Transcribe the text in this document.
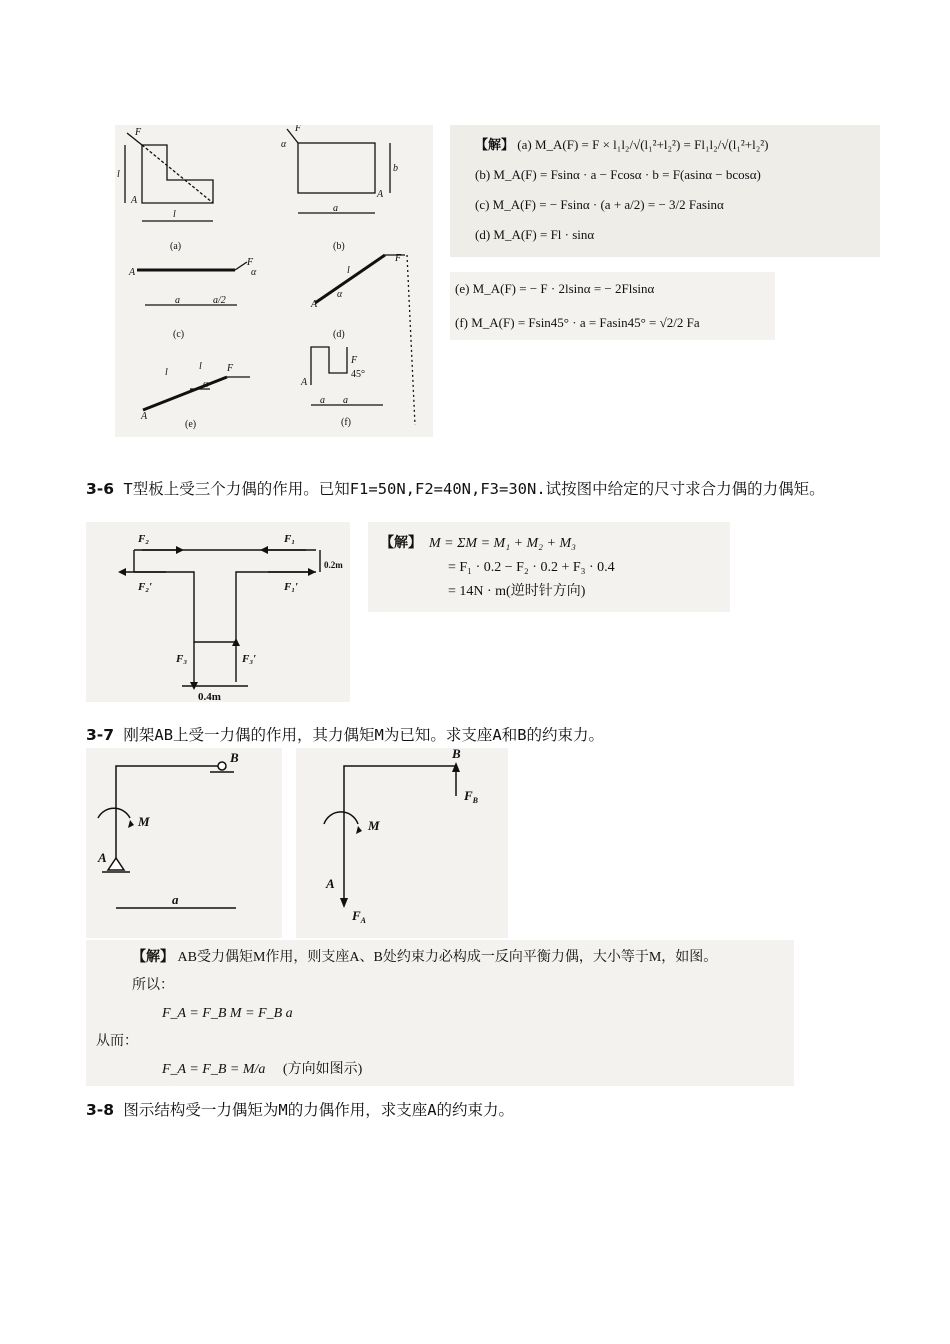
F
A
l
l
(a)
F
α
A
b
a
(b)
A
F
α
a	a/2
(c)
F
l
A
α
(d)
F
l
l
α
A
(e)
F
45°
A
a a
(f)
【解】 (a) M_A(F) = F × l₁l₂/√(l₁²+l₂²) = Fl₁l₂/√(l₁²+l₂²)
(b) M_A(F) = Fsinα · a − Fcosα · b = F(asinα − bcosα)
(c) M_A(F) = − Fsinα · (a + a/2) = − 3/2 Fasinα
(d) M_A(F) = Fl · sinα
(e) M_A(F) = − F · 2lsinα = − 2Flsinα
(f) M_A(F) = Fsin45° · a = Fasin45° = √2/2 Fa
3-6 T型板上受三个力偶的作用。已知F1=50N,F2=40N,F3=30N.试按图中给定的尺寸求合力偶的力偶矩。
F₂
F₂′
F₁
F₁′
F₃	F₃′
0.4m
0.2m
【解】 M = ΣM = M₁ + M₂ + M₃
= F₁ · 0.2 − F₂ · 0.2 + F₃ · 0.4
= 14N · m(逆时针方向)
3-7 刚架AB上受一力偶的作用，其力偶矩M为已知。求支座A和B的约束力。
B
M
A
a
B
$F_B$
M
A
$F_A$
【解】 AB受力偶矩M作用，则支座A、B处约束力必构成一反向平衡力偶，大小等于M，如图。
所以：
F_A = F_B M = F_B a
从而：
F_A = F_B = M/a (方向如图示)
3-8 图示结构受一力偶矩为M的力偶作用，求支座A的约束力。
